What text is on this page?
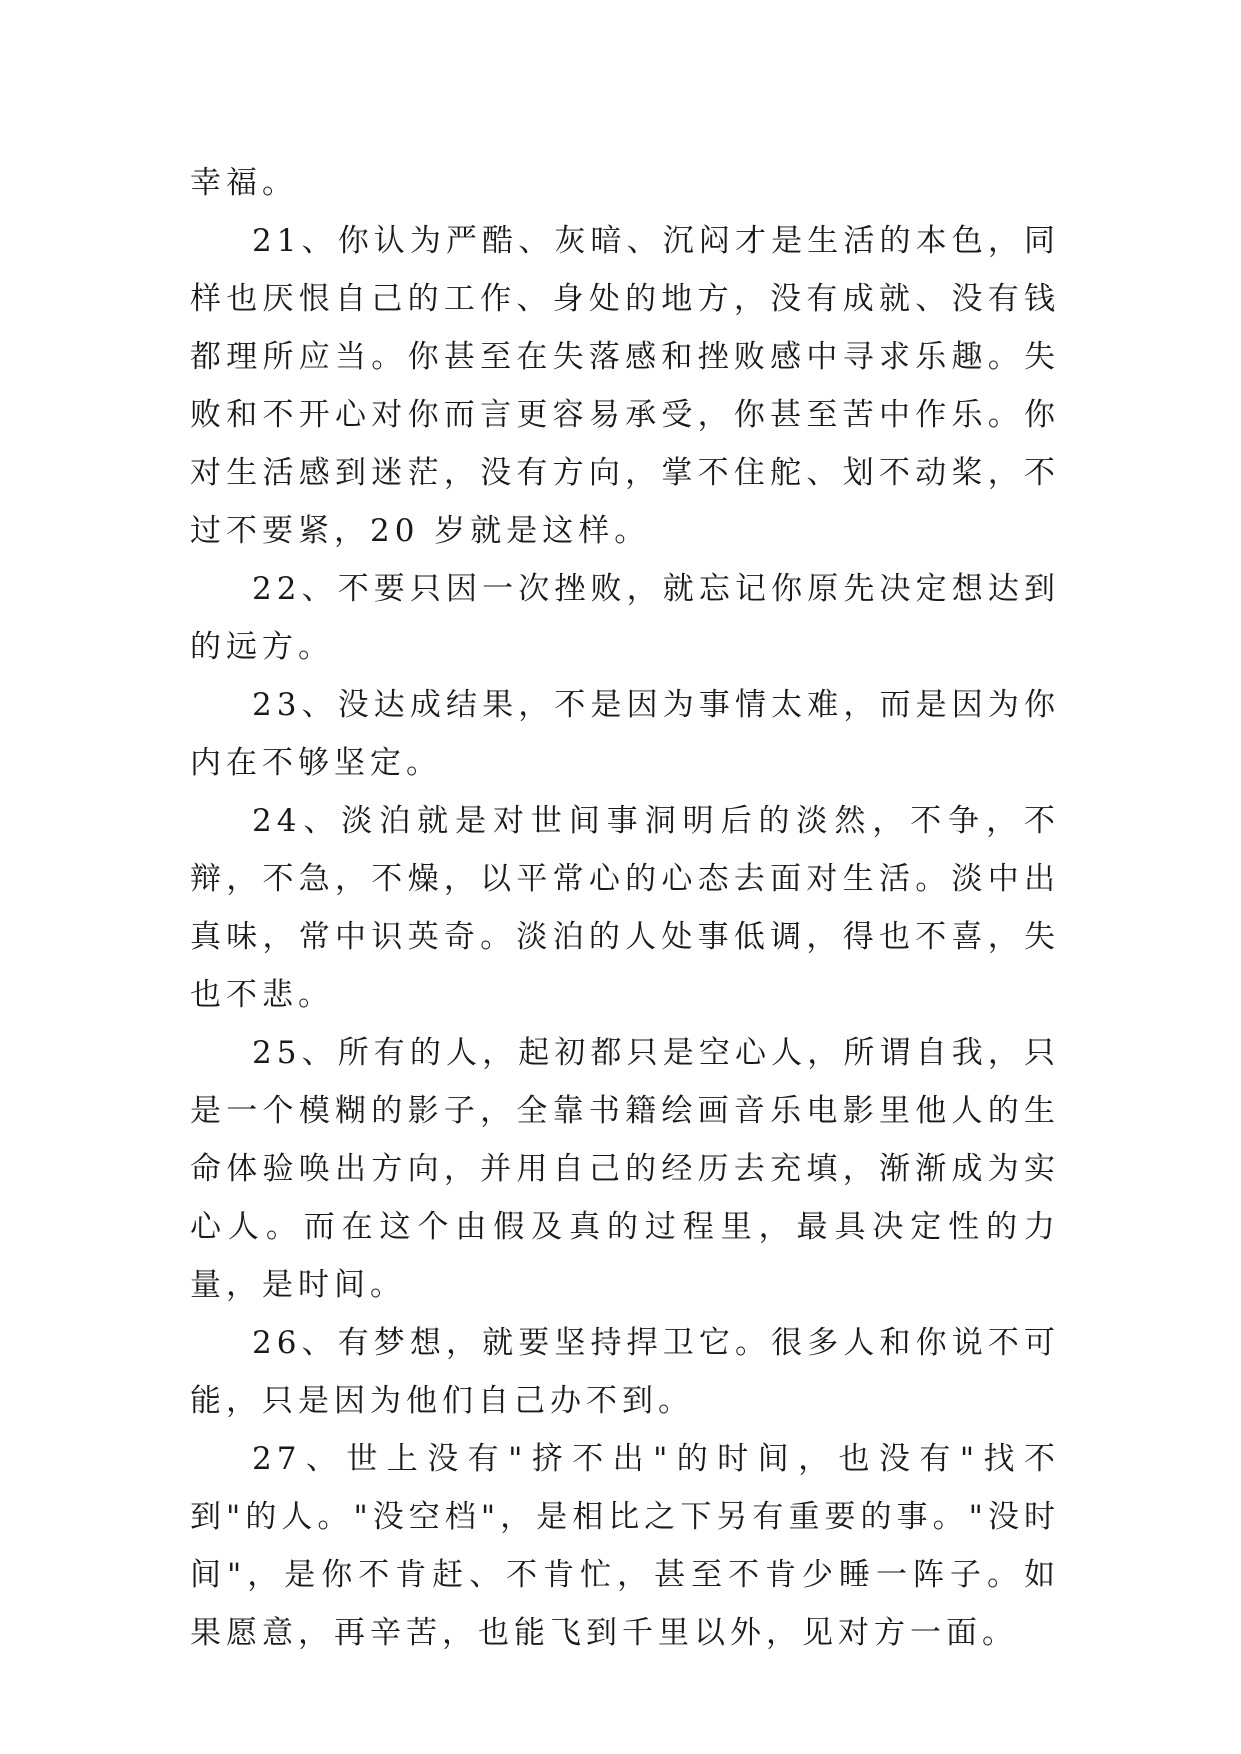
幸福。

21、你认为严酷、灰暗、沉闷才是生活的本色，同样也厌恨自己的工作、身处的地方，没有成就、没有钱都理所应当。你甚至在失落感和挫败感中寻求乐趣。失败和不开心对你而言更容易承受，你甚至苦中作乐。你对生活感到迷茫，没有方向，掌不住舵、划不动桨，不过不要紧，20 岁就是这样。

22、不要只因一次挫败，就忘记你原先决定想达到的远方。

23、没达成结果，不是因为事情太难，而是因为你内在不够坚定。

24、淡泊就是对世间事洞明后的淡然，不争，不辩，不急，不燥，以平常心的心态去面对生活。淡中出真味，常中识英奇。淡泊的人处事低调，得也不喜，失也不悲。

25、所有的人，起初都只是空心人，所谓自我，只是一个模糊的影子，全靠书籍绘画音乐电影里他人的生命体验唤出方向，并用自己的经历去充填，渐渐成为实心人。而在这个由假及真的过程里，最具决定性的力量，是时间。

26、有梦想，就要坚持捍卫它。很多人和你说不可能，只是因为他们自己办不到。

27、世上没有"挤不出"的时间，也没有"找不到"的人。"没空档"，是相比之下另有重要的事。"没时间"，是你不肯赶、不肯忙，甚至不肯少睡一阵子。如果愿意，再辛苦，也能飞到千里以外，见对方一面。
